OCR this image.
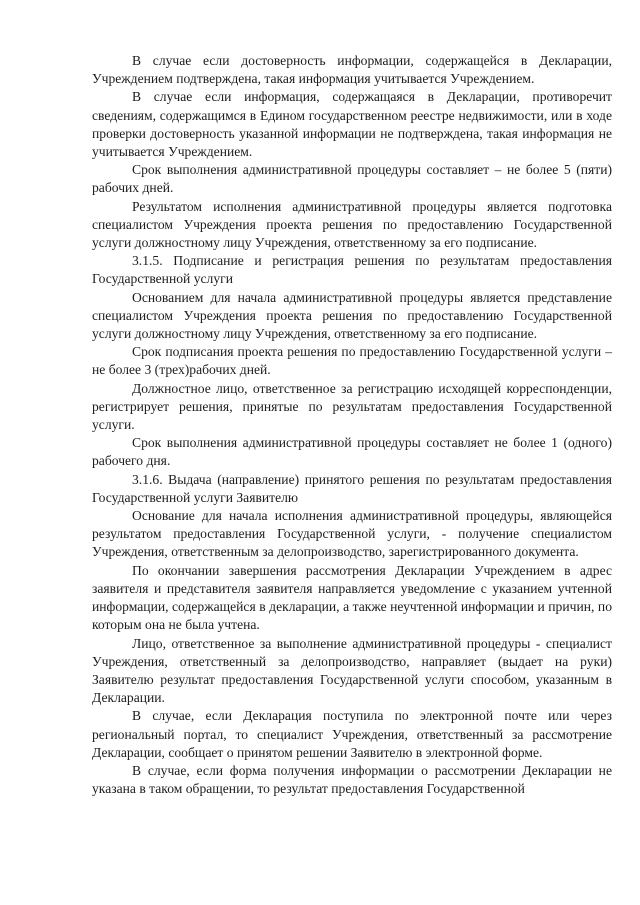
В случае если достоверность информации, содержащейся в Декларации, Учреждением подтверждена, такая информация учитывается Учреждением.

В случае если информация, содержащаяся в Декларации, противоречит сведениям, содержащимся в Едином государственном реестре недвижимости, или в ходе проверки достоверность указанной информации не подтверждена, такая информация не учитывается Учреждением.

Срок выполнения административной процедуры составляет – не более 5 (пяти) рабочих дней.

Результатом исполнения административной процедуры является подготовка специалистом Учреждения проекта решения по предоставлению Государственной услуги должностному лицу Учреждения, ответственному за его подписание.

3.1.5. Подписание и регистрация решения по результатам предоставления Государственной услуги

Основанием для начала административной процедуры является представление специалистом Учреждения проекта решения по предоставлению Государственной услуги должностному лицу Учреждения, ответственному за его подписание.

Срок подписания проекта решения по предоставлению Государственной услуги – не более 3 (трех)рабочих дней.

Должностное лицо, ответственное за регистрацию исходящей корреспонденции, регистрирует решения, принятые по результатам предоставления Государственной услуги.

Срок выполнения административной процедуры составляет не более 1 (одного) рабочего дня.

3.1.6. Выдача (направление) принятого решения по результатам предоставления Государственной услуги Заявителю

Основание для начала исполнения административной процедуры, являющейся результатом предоставления Государственной услуги, - получение специалистом Учреждения, ответственным за делопроизводство, зарегистрированного документа.

По окончании завершения рассмотрения Декларации Учреждением в адрес заявителя и представителя заявителя направляется уведомление с указанием учтенной информации, содержащейся в декларации, а также неучтенной информации и причин, по которым она не была учтена.

Лицо, ответственное за выполнение административной процедуры - специалист Учреждения, ответственный за делопроизводство, направляет (выдает на руки) Заявителю результат предоставления Государственной услуги способом, указанным в Декларации.

В случае, если Декларация поступила по электронной почте или через региональный портал, то специалист Учреждения, ответственный за рассмотрение Декларации, сообщает о принятом решении Заявителю в электронной форме.

В случае, если форма получения информации о рассмотрении Декларации не указана в таком обращении, то результат предоставления Государственной
